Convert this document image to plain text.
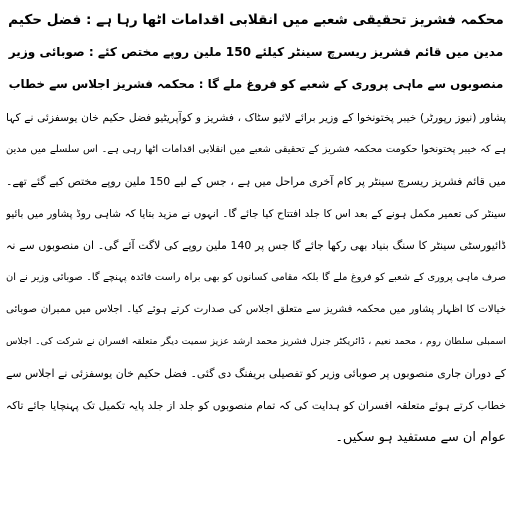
محکمہ فشریز تحقیقی شعبے میں انقلابی اقدامات اٹھا رہا ہے : فضل حکیم
مدین میں قائم فشریز ریسرچ سینٹر کیلئے 150 ملین روپے مختص کئے : صوبائی وزیر
منصوبوں سے ماہی پروری کے شعبے کو فروغ ملے گا : محکمہ فشریز اجلاس سے خطاب
پشاور (نیوز رپورٹر) خیبر پختونخوا کے وزیر برائے لائیو سٹاک ، فشریز و کوآپریٹیو فضل حکیم خان یوسفزئی نے کہا
ہے کہ خیبر پختونخوا حکومت محکمہ فشریز کے تحقیقی شعبے میں انقلابی اقدامات اٹھا رہی ہے۔ اس سلسلے میں مدین
میں قائم فشریز ریسرچ سینٹر پر کام آخری مراحل میں ہے ، جس کے لیے 150 ملین روپے مختص کیے گئے تھے۔
سینٹر کی تعمیر مکمل ہونے کے بعد اس کا جلد افتتاح کیا جائے گا۔ انہوں نے مزید بتایا کہ شاہی روڈ پشاور میں بائیو
ڈائیورسٹی سینٹر کا سنگ بنیاد بھی رکھا جائے گا جس پر 140 ملین روپے کی لاگت آئے گی۔ ان منصوبوں سے نہ
صرف ماہی پروری کے شعبے کو فروغ ملے گا بلکہ مقامی کسانوں کو بھی براہ راست فائدہ پہنچے گا۔ صوبائی وزیر نے ان
خیالات کا اظہار پشاور میں محکمہ فشریز سے متعلق اجلاس کی صدارت کرتے ہوئے کیا۔ اجلاس میں ممبران صوبائی
اسمبلی سلطان روم ، محمد نعیم ، ڈائریکٹر جنرل فشریز محمد ارشد عزیز سمیت دیگر متعلقہ افسران نے شرکت کی۔ اجلاس
کے دوران جاری منصوبوں پر صوبائی وزیر کو تفصیلی بریفنگ دی گئی۔ فضل حکیم خان یوسفزئی نے اجلاس سے
خطاب کرتے ہوئے متعلقہ افسران کو ہدایت کی کہ تمام منصوبوں کو جلد از جلد پایہ تکمیل تک پہنچایا جائے تاکہ
عوام ان سے مستفید ہو سکیں۔
